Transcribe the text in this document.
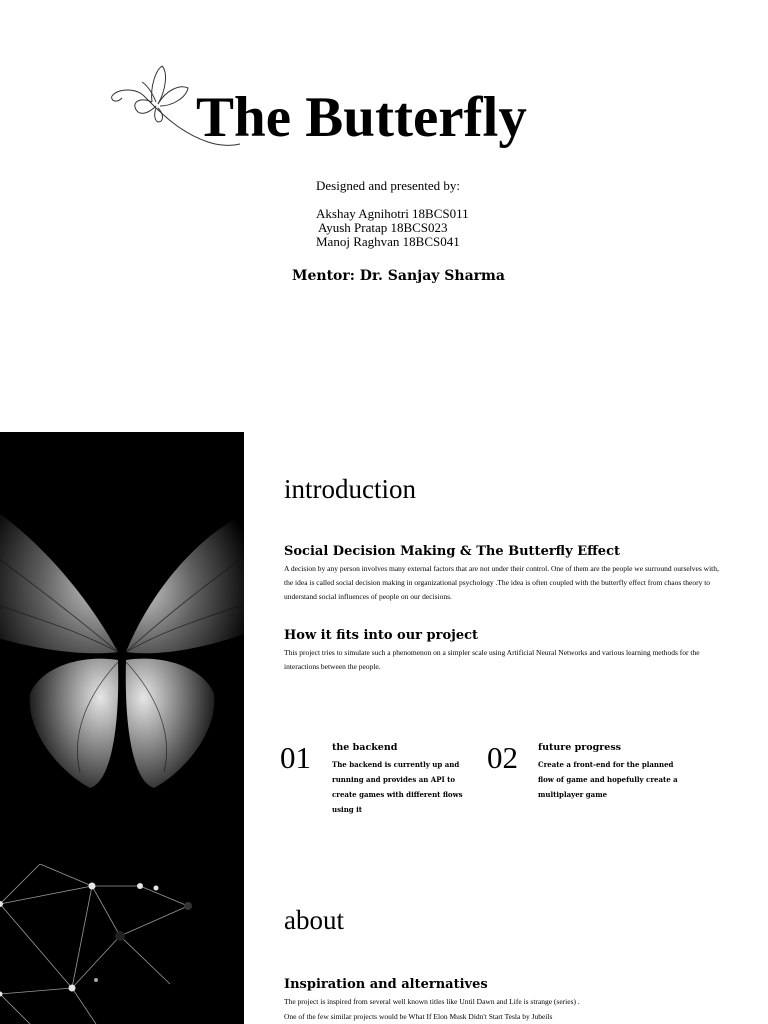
The Butterfly
Designed and presented by:
Akshay Agnihotri 18BCS011
Ayush Pratap 18BCS023
Manoj Raghvan 18BCS041
Mentor: Dr. Sanjay Sharma
introduction
Social Decision Making & The Butterfly Effect
A decision by any person involves many external factors that are not under their control. One of them are the people we surround ourselves with, the idea is called social decision making in organizational psychology .The idea is often coupled with the butterfly effect from chaos theory to understand social influences of people on our decisions.
How it fits into our project
This project tries to simulate such a phenomenon on a simpler scale using Artificial Neural Networks and various learning methods for the interactions between the people.
01 the backend
The backend is currently up and running and provides an API to create games with different flows using it
02 future progress
Create a front-end for the planned flow of game and hopefully create a multiplayer game
about
Inspiration and alternatives
The project is inspired from several well known titles like Until Dawn and Life is strange (series) .
One of the few similar projects would be What If Elon Musk Didn't Start Tesla by Jubeils
